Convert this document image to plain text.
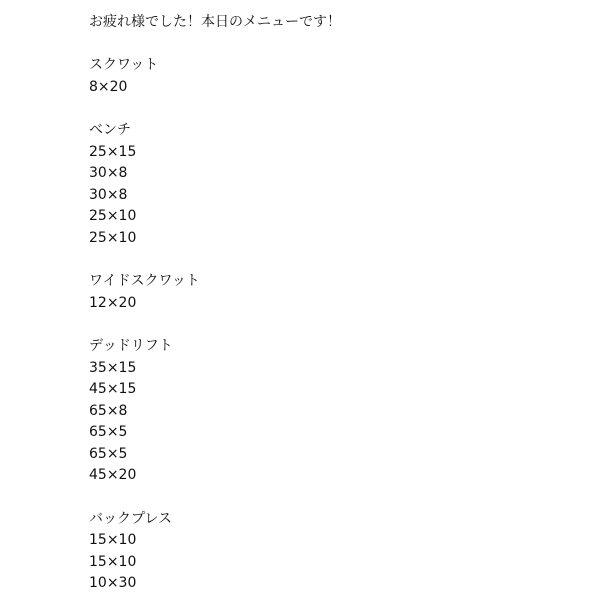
お疲れ様でした！本日のメニューです！
スクワット
8×20
ベンチ
25×15
30×8
30×8
25×10
25×10
ワイドスクワット
12×20
デッドリフト
35×15
45×15
65×8
65×5
65×5
45×20
バックプレス
15×10
15×10
10×30
